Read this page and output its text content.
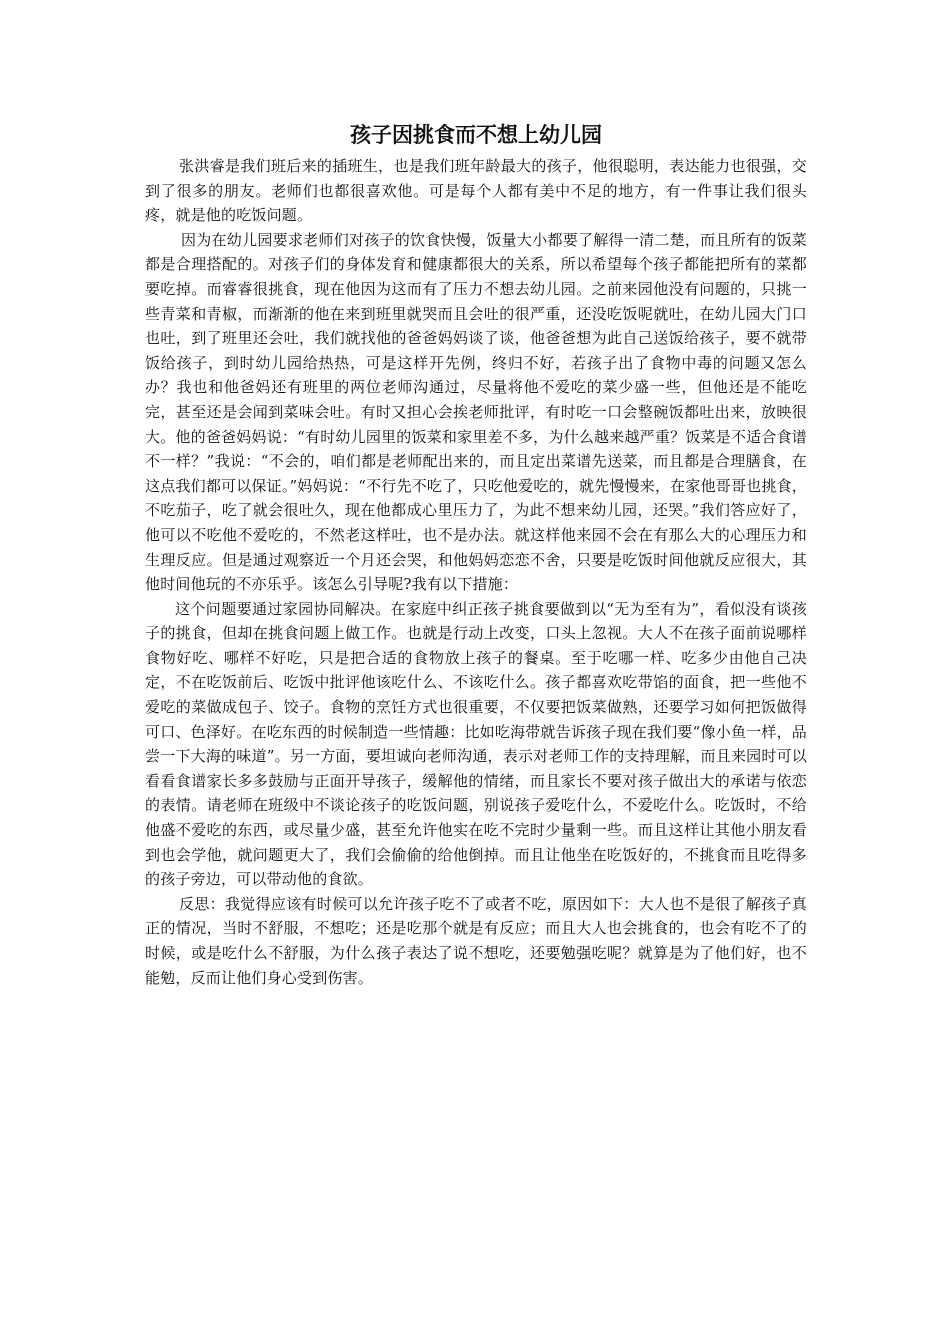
孩子因挑食而不想上幼儿园

张洪睿是我们班后来的插班生，也是我们班年龄最大的孩子，他很聪明，表达能力也很强，交到了很多的朋友。老师们也都很喜欢他。可是每个人都有美中不足的地方，有一件事让我们很头疼，就是他的吃饭问题。

因为在幼儿园要求老师们对孩子的饮食快慢，饭量大小都要了解得一清二楚，而且所有的饭菜都是合理搭配的。对孩子们的身体发育和健康都很大的关系，所以希望每个孩子都能把所有的菜都要吃掉。而睿睿很挑食，现在他因为这而有了压力不想去幼儿园。之前来园他没有问题的，只挑一些青菜和青椒，而渐渐的他在来到班里就哭而且会吐的很严重，还没吃饭呢就吐，在幼儿园大门口也吐，到了班里还会吐，我们就找他的爸爸妈妈谈了谈，他爸爸想为此自己送饭给孩子，要不就带饭给孩子，到时幼儿园给热热，可是这样开先例，终归不好，若孩子出了食物中毒的问题又怎么办？我也和他爸妈还有班里的两位老师沟通过，尽量将他不爱吃的菜少盛一些，但他还是不能吃完，甚至还是会闻到菜味会吐。有时又担心会挨老师批评，有时吃一口会整碗饭都吐出来，放映很大。他的爸爸妈妈说：“有时幼儿园里的饭菜和家里差不多，为什么越来越严重？饭菜是不适合食谱不一样？”我说：“不会的，咱们都是老师配出来的，而且定出菜谱先送菜，而且都是合理膳食，在这点我们都可以保证。”妈妈说：“不行先不吃了，只吃他爱吃的，就先慢慢来，在家他哥哥也挑食，不吃茄子，吃了就会很吐久，现在他都成心里压力了，为此不想来幼儿园，还哭。”我们答应好了，他可以不吃他不爱吃的，不然老这样吐，也不是办法。就这样他来园不会在有那么大的心理压力和生理反应。但是通过观察近一个月还会哭，和他妈妈恋恋不舍，只要是吃饭时间他就反应很大，其他时间他玩的不亦乐乎。该怎么引导呢?我有以下措施：

这个问题要通过家园协同解决。在家庭中纠正孩子挑食要做到以“无为至有为”，看似没有谈孩子的挑食，但却在挑食问题上做工作。也就是行动上改变，口头上忽视。大人不在孩子面前说哪样食物好吃、哪样不好吃，只是把合适的食物放上孩子的餐桌。至于吃哪一样、吃多少由他自己决定，不在吃饭前后、吃饭中批评他该吃什么、不该吃什么。孩子都喜欢吃带馅的面食，把一些他不爱吃的菜做成包子、饺子。食物的烹饪方式也很重要，不仅要把饭菜做熟，还要学习如何把饭做得可口、色泽好。在吃东西的时候制造一些情趣：比如吃海带就告诉孩子现在我们要“像小鱼一样，品尝一下大海的味道”。另一方面，要坦诚向老师沟通，表示对老师工作的支持理解，而且来园时可以看看食谱家长多多鼓励与正面开导孩子，缓解他的情绪，而且家长不要对孩子做出大的承诺与依恋的表情。请老师在班级中不谈论孩子的吃饭问题，别说孩子爱吃什么，不爱吃什么。吃饭时，不给他盛不爱吃的东西，或尽量少盛，甚至允许他实在吃不完时少量剩一些。而且这样让其他小朋友看到也会学他，就问题更大了，我们会偷偷的给他倒掉。而且让他坐在吃饭好的，不挑食而且吃得多的孩子旁边，可以带动他的食欲。

反思：我觉得应该有时候可以允许孩子吃不了或者不吃，原因如下：大人也不是很了解孩子真正的情况，当时不舒服，不想吃；还是吃那个就是有反应；而且大人也会挑食的，也会有吃不了的时候，或是吃什么不舒服，为什么孩子表达了说不想吃，还要勉强吃呢？就算是为了他们好，也不能勉，反而让他们身心受到伤害。
